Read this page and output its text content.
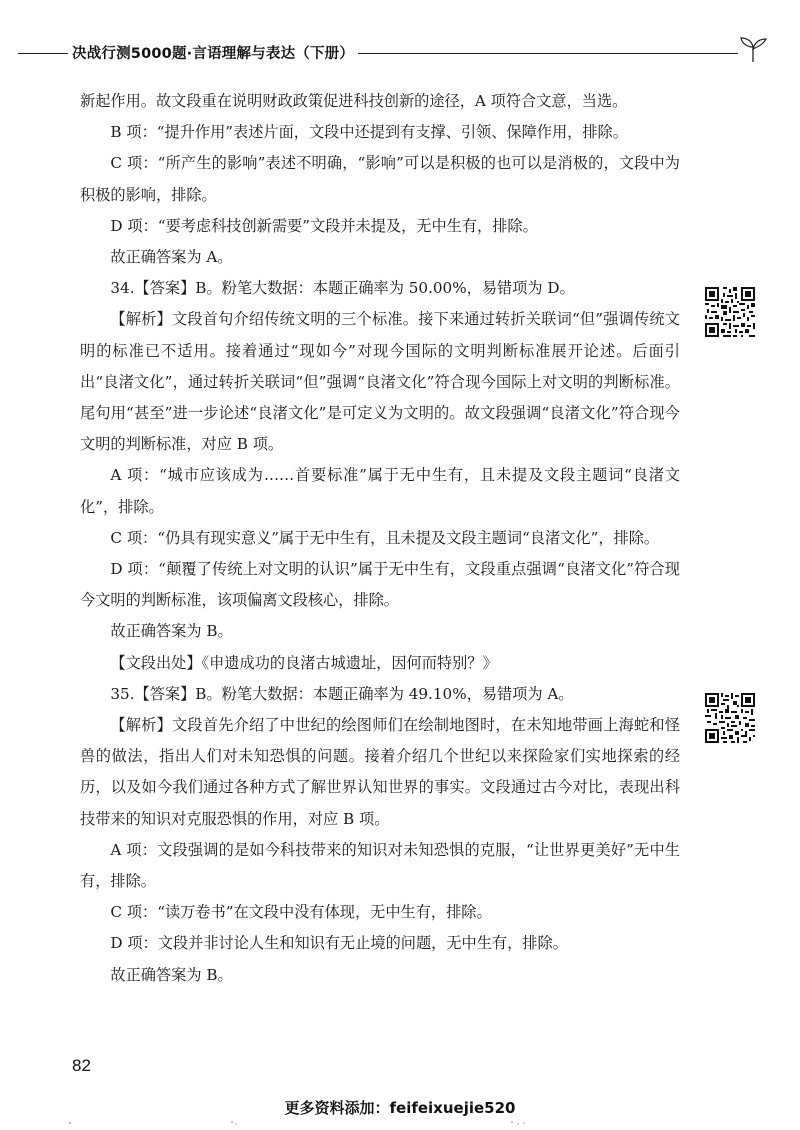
决战行测5000题·言语理解与表达（下册）

新起作用。故文段重在说明财政政策促进科技创新的途径，A 项符合文意，当选。

B 项：“提升作用”表述片面，文段中还提到有支撑、引领、保障作用，排除。

C 项：“所产生的影响”表述不明确，“影响”可以是积极的也可以是消极的，文段中为积极的影响，排除。

D 项：“要考虑科技创新需要”文段并未提及，无中生有，排除。

故正确答案为 A。

34.【答案】B。粉笔大数据：本题正确率为 50.00%，易错项为 D。

【解析】文段首句介绍传统文明的三个标准。接下来通过转折关联词“但”强调传统文明的标准已不适用。接着通过“现如今”对现今国际的文明判断标准展开论述。后面引出“良渚文化”，通过转折关联词“但”强调“良渚文化”符合现今国际上对文明的判断标准。尾句用“甚至”进一步论述“良渚文化”是可定义为文明的。故文段强调“良渚文化”符合现今文明的判断标准，对应 B 项。

A 项：“城市应该成为……首要标准”属于无中生有，且未提及文段主题词“良渚文化”，排除。

C 项：“仍具有现实意义”属于无中生有，且未提及文段主题词“良渚文化”，排除。

D 项：“颠覆了传统上对文明的认识”属于无中生有，文段重点强调“良渚文化”符合现今文明的判断标准，该项偏离文段核心，排除。

故正确答案为 B。

【文段出处】《申遗成功的良渚古城遗址，因何而特别？》

35.【答案】B。粉笔大数据：本题正确率为 49.10%，易错项为 A。

【解析】文段首先介绍了中世纪的绘图师们在绘制地图时，在未知地带画上海蛇和怪兽的做法，指出人们对未知恐惧的问题。接着介绍几个世纪以来探险家们实地探索的经历，以及如今我们通过各种方式了解世界认知世界的事实。文段通过古今对比，表现出科技带来的知识对克服恐惧的作用，对应 B 项。

A 项：文段强调的是如今科技带来的知识对未知恐惧的克服，“让世界更美好”无中生有，排除。

C 项：“读万卷书”在文段中没有体现，无中生有，排除。

D 项：文段并非讨论人生和知识有无止境的问题，无中生有，排除。

故正确答案为 B。

82
更多资料添加：feifeixuejie520
